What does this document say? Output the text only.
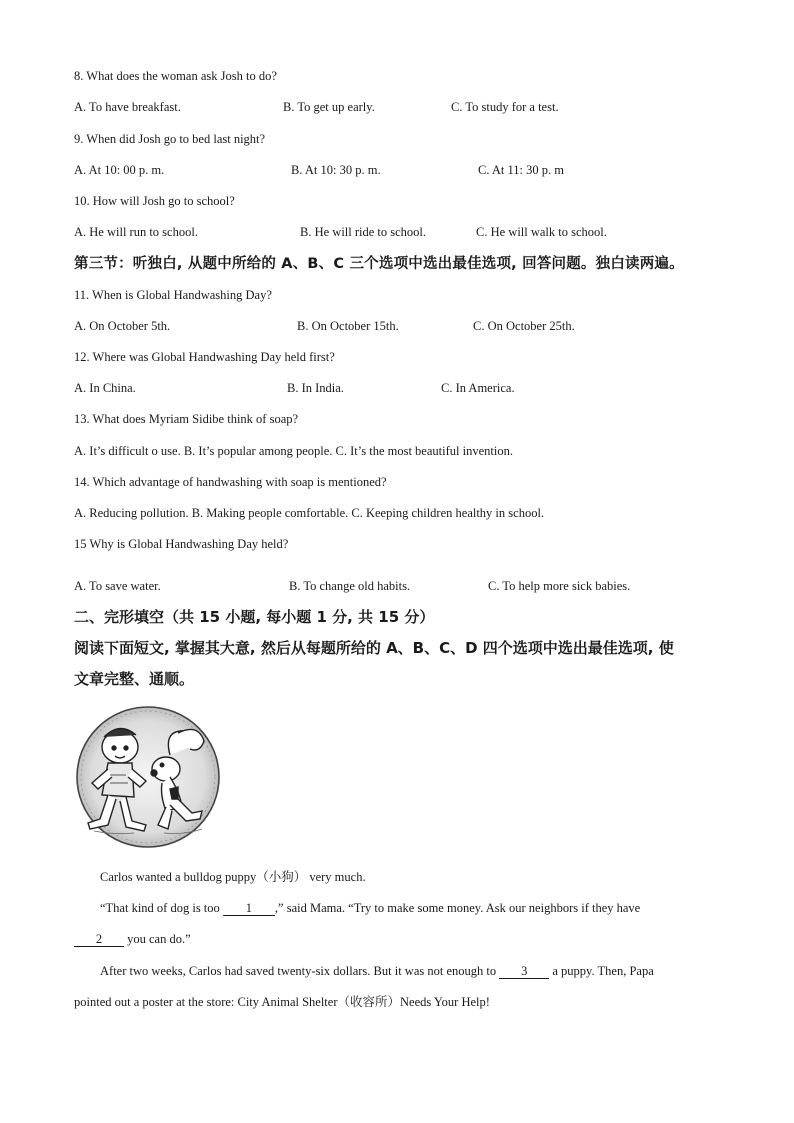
8. What does the woman ask Josh to do?
A. To have breakfast.	B. To get up early.	C. To study for a test.
9. When did Josh go to bed last night?
A. At 10: 00 p. m.	B. At 10: 30 p. m.	C. At 11: 30 p. m
10. How will Josh go to school?
A. He will run to school.	B. He will ride to school.	C. He will walk to school.
第三节：听独白, 从题中所给的 A、B、C 三个选项中选出最佳选项, 回答问题。独白读两遍。
11. When is Global Handwashing Day?
A. On October 5th.	B. On October 15th.	C. On October 25th.
12. Where was Global Handwashing Day held first?
A. In China.	B. In India.	C. In America.
13. What does Myriam Sidibe think of soap?
A. It’s difficult o use. B. It’s popular among people. C. It’s the most beautiful invention.
14. Which advantage of handwashing with soap is mentioned?
A. Reducing pollution. B. Making people comfortable. C. Keeping children healthy in school.
15 Why is Global Handwashing Day held?
A. To save water.	B. To change old habits.	C. To help more sick babies.
二、完形填空（共 15 小题, 每小题 1 分, 共 15 分）
阅读下面短文, 掌握其大意, 然后从每题所给的 A、B、C、D 四个选项中选出最佳选项, 使
文章完整、通顺。
Carlos wanted a bulldog puppy（小狗） very much.
“That kind of dog is too 1 ,” said Mama. “Try to make some money. Ask our neighbors if they have
2 you can do.”
After two weeks, Carlos had saved twenty-six dollars. But it was not enough to 3 a puppy. Then, Papa
pointed out a poster at the store: City Animal Shelter（收容所）Needs Your Help!
